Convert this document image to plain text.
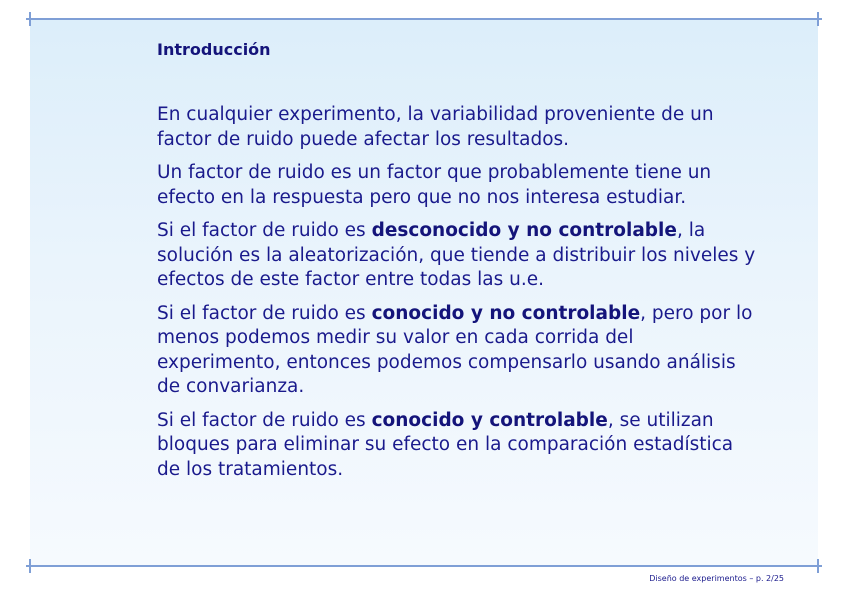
Introducción

En cualquier experimento, la variabilidad proveniente de un factor de ruido puede afectar los resultados.

Un factor de ruido es un factor que probablemente tiene un efecto en la respuesta pero que no nos interesa estudiar.

Si el factor de ruido es desconocido y no controlable, la solución es la aleatorización, que tiende a distribuir los niveles y efectos de este factor entre todas las u.e.

Si el factor de ruido es conocido y no controlable, pero por lo menos podemos medir su valor en cada corrida del experimento, entonces podemos compensarlo usando análisis de convarianza.

Si el factor de ruido es conocido y controlable, se utilizan bloques para eliminar su efecto en la comparación estadística de los tratamientos.

Diseño de experimentos – p. 2/25
